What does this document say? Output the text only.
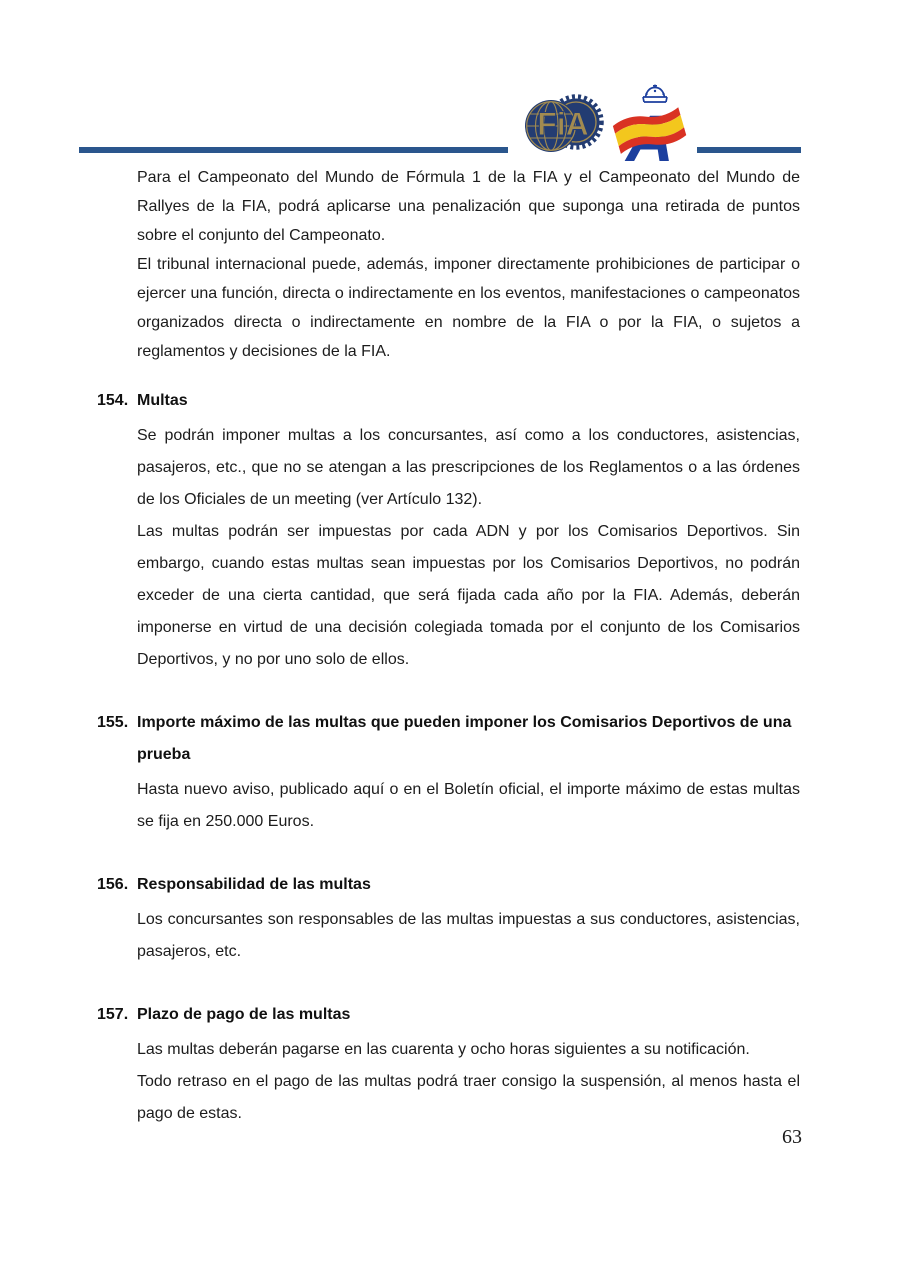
FiA

Para el Campeonato del Mundo de Fórmula 1 de la FIA y el Campeonato del Mundo de Rallyes de la FIA, podrá aplicarse una penalización que suponga una retirada de puntos sobre el conjunto del Campeonato.

El tribunal internacional puede, además, imponer directamente prohibiciones de participar o ejercer una función, directa o indirectamente en los eventos, manifestaciones o campeonatos organizados directa o indirectamente en nombre de la FIA o por la FIA, o sujetos a reglamentos y decisiones de la FIA.

154. Multas

Se podrán imponer multas a los concursantes, así como a los conductores, asistencias, pasajeros, etc., que no se atengan a las prescripciones de los Reglamentos o a las órdenes de los Oficiales de un meeting (ver Artículo 132).

Las multas podrán ser impuestas por cada ADN y por los Comisarios Deportivos. Sin embargo, cuando estas multas sean impuestas por los Comisarios Deportivos, no podrán exceder de una cierta cantidad, que será fijada cada año por la FIA. Además, deberán imponerse en virtud de una decisión colegiada tomada por el conjunto de los Comisarios Deportivos, y no por uno solo de ellos.

155. Importe máximo de las multas que pueden imponer los Comisarios Deportivos de una prueba

Hasta nuevo aviso, publicado aquí o en el Boletín oficial, el importe máximo de estas multas se fija en 250.000 Euros.

156. Responsabilidad de las multas

Los concursantes son responsables de las multas impuestas a sus conductores, asistencias, pasajeros, etc.

157. Plazo de pago de las multas

Las multas deberán pagarse en las cuarenta y ocho horas siguientes a su notificación.

Todo retraso en el pago de las multas podrá traer consigo la suspensión, al menos hasta el pago de estas.

63
